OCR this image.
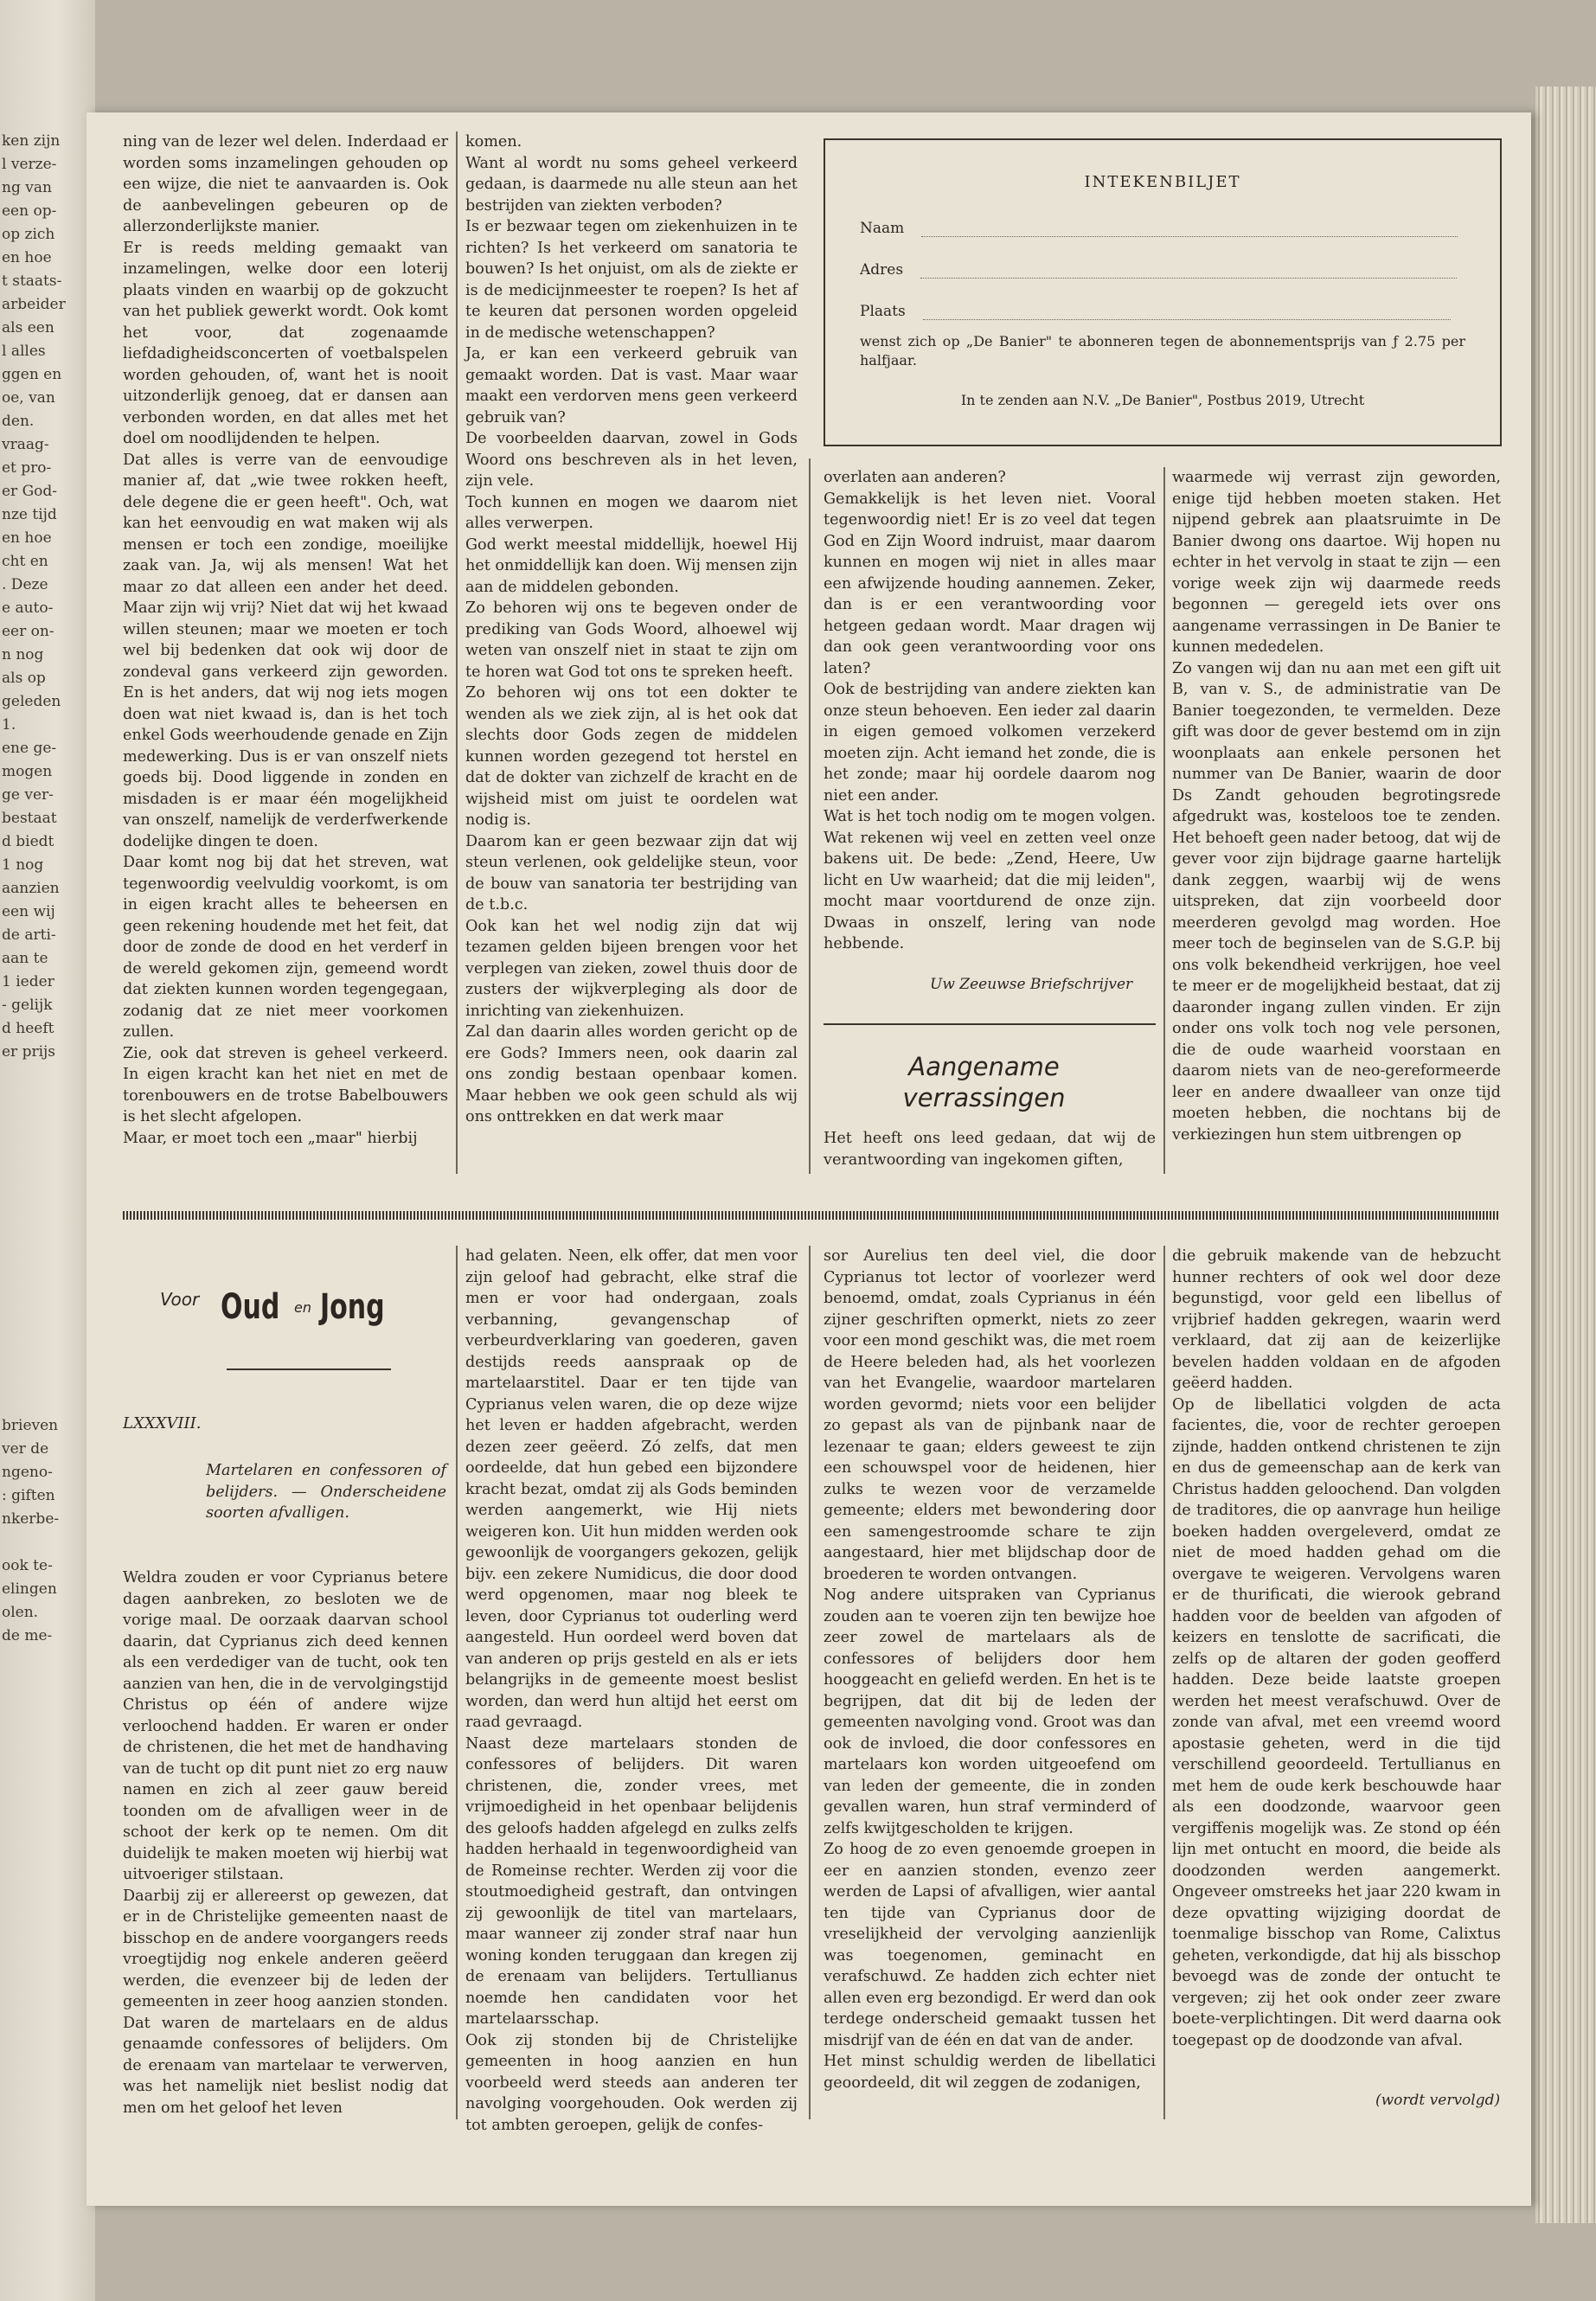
ken zijn
l verze-
ng van
een op-
op zich
en hoe
t staats-
arbeider
als een
l alles
ggen en
oe, van
den.
vraag-
et pro-
er God-
nze tijd
en hoe
cht en
. Deze
e auto-
eer on-
n nog
als op
geleden
1.
ene ge-
mogen
ge ver-
bestaat
d biedt
1 nog
aanzien
een wij
de arti-
aan te
1 ieder
- gelijk
d heeft
er prijs

brieven
ver de
ngeno-
: giften
nkerbe-

ook te-
elingen
olen.
de me-

ning van de lezer wel delen. Inderdaad er worden soms inzamelingen gehouden op een wijze, die niet te aanvaarden is. Ook de aanbevelingen gebeuren op de allerzonderlijkste manier.

Er is reeds melding gemaakt van inzamelingen, welke door een loterij plaats vinden en waarbij op de gokzucht van het publiek gewerkt wordt. Ook komt het voor, dat zogenaamde liefdadigheidsconcerten of voetbalspelen worden gehouden, of, want het is nooit uitzonderlijk genoeg, dat er dansen aan verbonden worden, en dat alles met het doel om noodlijdenden te helpen.

Dat alles is verre van de eenvoudige manier af, dat „wie twee rokken heeft, dele degene die er geen heeft". Och, wat kan het eenvoudig en wat maken wij als mensen er toch een zondige, moeilijke zaak van. Ja, wij als mensen! Wat het maar zo dat alleen een ander het deed. Maar zijn wij vrij? Niet dat wij het kwaad willen steunen; maar we moeten er toch wel bij bedenken dat ook wij door de zondeval gans verkeerd zijn geworden. En is het anders, dat wij nog iets mogen doen wat niet kwaad is, dan is het toch enkel Gods weerhoudende genade en Zijn medewerking. Dus is er van onszelf niets goeds bij. Dood liggende in zonden en misdaden is er maar één mogelijkheid van onszelf, namelijk de verderfwerkende dodelijke dingen te doen.

Daar komt nog bij dat het streven, wat tegenwoordig veelvuldig voorkomt, is om in eigen kracht alles te beheersen en geen rekening houdende met het feit, dat door de zonde de dood en het verderf in de wereld gekomen zijn, gemeend wordt dat ziekten kunnen worden tegengegaan, zodanig dat ze niet meer voorkomen zullen.

Zie, ook dat streven is geheel verkeerd. In eigen kracht kan het niet en met de torenbouwers en de trotse Babelbouwers is het slecht afgelopen.

Maar, er moet toch een „maar" hierbij

komen.

Want al wordt nu soms geheel verkeerd gedaan, is daarmede nu alle steun aan het bestrijden van ziekten verboden?

Is er bezwaar tegen om ziekenhuizen in te richten? Is het verkeerd om sanatoria te bouwen? Is het onjuist, om als de ziekte er is de medicijnmeester te roepen? Is het af te keuren dat personen worden opgeleid in de medische wetenschappen?

Ja, er kan een verkeerd gebruik van gemaakt worden. Dat is vast. Maar waar maakt een verdorven mens geen verkeerd gebruik van?

De voorbeelden daarvan, zowel in Gods Woord ons beschreven als in het leven, zijn vele.

Toch kunnen en mogen we daarom niet alles verwerpen.

God werkt meestal middellijk, hoewel Hij het onmiddellijk kan doen. Wij mensen zijn aan de middelen gebonden.

Zo behoren wij ons te begeven onder de prediking van Gods Woord, alhoewel wij weten van onszelf niet in staat te zijn om te horen wat God tot ons te spreken heeft.

Zo behoren wij ons tot een dokter te wenden als we ziek zijn, al is het ook dat slechts door Gods zegen de middelen kunnen worden gezegend tot herstel en dat de dokter van zichzelf de kracht en de wijsheid mist om juist te oordelen wat nodig is.

Daarom kan er geen bezwaar zijn dat wij steun verlenen, ook geldelijke steun, voor de bouw van sanatoria ter bestrijding van de t.b.c.

Ook kan het wel nodig zijn dat wij tezamen gelden bijeen brengen voor het verplegen van zieken, zowel thuis door de zusters der wijkverpleging als door de inrichting van ziekenhuizen.

Zal dan daarin alles worden gericht op de ere Gods? Immers neen, ook daarin zal ons zondig bestaan openbaar komen. Maar hebben we ook geen schuld als wij ons onttrekken en dat werk maar

INTEKENBILJET
Naam
Adres
Plaats
wenst zich op „De Banier" te abonneren tegen de abonnementsprijs van ƒ 2.75 per halfjaar.
In te zenden aan N.V. „De Banier", Postbus 2019, Utrecht

overlaten aan anderen?

Gemakkelijk is het leven niet. Vooral tegenwoordig niet! Er is zo veel dat tegen God en Zijn Woord indruist, maar daarom kunnen en mogen wij niet in alles maar een afwijzende houding aannemen. Zeker, dan is er een verantwoording voor hetgeen gedaan wordt. Maar dragen wij dan ook geen verantwoording voor ons laten?

Ook de bestrijding van andere ziekten kan onze steun behoeven. Een ieder zal daarin in eigen gemoed volkomen verzekerd moeten zijn. Acht iemand het zonde, die is het zonde; maar hij oordele daarom nog niet een ander.

Wat is het toch nodig om te mogen volgen. Wat rekenen wij veel en zetten veel onze bakens uit. De bede: „Zend, Heere, Uw licht en Uw waarheid; dat die mij leiden", mocht maar voortdurend de onze zijn. Dwaas in onszelf, lering van node hebbende.

Uw Zeeuwse Briefschrijver
Aangename verrassingen

Het heeft ons leed gedaan, dat wij de verantwoording van ingekomen giften,

waarmede wij verrast zijn geworden, enige tijd hebben moeten staken. Het nijpend gebrek aan plaatsruimte in De Banier dwong ons daartoe. Wij hopen nu echter in het vervolg in staat te zijn — een vorige week zijn wij daarmede reeds begonnen — geregeld iets over ons aangename verrassingen in De Banier te kunnen mededelen.

Zo vangen wij dan nu aan met een gift uit B, van v. S., de administratie van De Banier toegezonden, te vermelden. Deze gift was door de gever bestemd om in zijn woonplaats aan enkele personen het nummer van De Banier, waarin de door Ds Zandt gehouden begrotingsrede afgedrukt was, kosteloos toe te zenden. Het behoeft geen nader betoog, dat wij de gever voor zijn bijdrage gaarne hartelijk dank zeggen, waarbij wij de wens uitspreken, dat zijn voorbeeld door meerderen gevolgd mag worden. Hoe meer toch de beginselen van de S.G.P. bij ons volk bekendheid verkrijgen, hoe veel te meer er de mogelijkheid bestaat, dat zij daaronder ingang zullen vinden. Er zijn onder ons volk toch nog vele personen, die de oude waarheid voorstaan en daarom niets van de neo-gereformeerde leer en andere dwaalleer van onze tijd moeten hebben, die nochtans bij de verkiezingen hun stem uitbrengen op

Voor Oud en Jong
LXXXVIII.
Martelaren en confessoren of belijders. — Onderscheidene soorten afvalligen.

Weldra zouden er voor Cyprianus betere dagen aanbreken, zo besloten we de vorige maal. De oorzaak daarvan school daarin, dat Cyprianus zich deed kennen als een verdediger van de tucht, ook ten aanzien van hen, die in de vervolgingstijd Christus op één of andere wijze verloochend hadden. Er waren er onder de christenen, die het met de handhaving van de tucht op dit punt niet zo erg nauw namen en zich al zeer gauw bereid toonden om de afvalligen weer in de schoot der kerk op te nemen. Om dit duidelijk te maken moeten wij hierbij wat uitvoeriger stilstaan.

Daarbij zij er allereerst op gewezen, dat er in de Christelijke gemeenten naast de bisschop en de andere voorgangers reeds vroegtijdig nog enkele anderen geëerd werden, die evenzeer bij de leden der gemeenten in zeer hoog aanzien stonden. Dat waren de martelaars en de aldus genaamde confessores of belijders. Om de erenaam van martelaar te verwerven, was het namelijk niet beslist nodig dat men om het geloof het leven

had gelaten. Neen, elk offer, dat men voor zijn geloof had gebracht, elke straf die men er voor had ondergaan, zoals verbanning, gevangenschap of verbeurdverklaring van goederen, gaven destijds reeds aanspraak op de martelaarstitel. Daar er ten tijde van Cyprianus velen waren, die op deze wijze het leven er hadden afgebracht, werden dezen zeer geëerd. Zó zelfs, dat men oordeelde, dat hun gebed een bijzondere kracht bezat, omdat zij als Gods beminden werden aangemerkt, wie Hij niets weigeren kon. Uit hun midden werden ook gewoonlijk de voorgangers gekozen, gelijk bijv. een zekere Numidicus, die door dood werd opgenomen, maar nog bleek te leven, door Cyprianus tot ouderling werd aangesteld. Hun oordeel werd boven dat van anderen op prijs gesteld en als er iets belangrijks in de gemeente moest beslist worden, dan werd hun altijd het eerst om raad gevraagd.

Naast deze martelaars stonden de confessores of belijders. Dit waren christenen, die, zonder vrees, met vrijmoedigheid in het openbaar belijdenis des geloofs hadden afgelegd en zulks zelfs hadden herhaald in tegenwoordigheid van de Romeinse rechter. Werden zij voor die stoutmoedigheid gestraft, dan ontvingen zij gewoonlijk de titel van martelaars, maar wanneer zij zonder straf naar hun woning konden teruggaan dan kregen zij de erenaam van belijders. Tertullianus noemde hen candidaten voor het martelaarsschap.

Ook zij stonden bij de Christelijke gemeenten in hoog aanzien en hun voorbeeld werd steeds aan anderen ter navolging voorgehouden. Ook werden zij tot ambten geroepen, gelijk de confes-

sor Aurelius ten deel viel, die door Cyprianus tot lector of voorlezer werd benoemd, omdat, zoals Cyprianus in één zijner geschriften opmerkt, niets zo zeer voor een mond geschikt was, die met roem de Heere beleden had, als het voorlezen van het Evangelie, waardoor martelaren worden gevormd; niets voor een belijder zo gepast als van de pijnbank naar de lezenaar te gaan; elders geweest te zijn een schouwspel voor de heidenen, hier zulks te wezen voor de verzamelde gemeente; elders met bewondering door een samengestroomde schare te zijn aangestaard, hier met blijdschap door de broederen te worden ontvangen.

Nog andere uitspraken van Cyprianus zouden aan te voeren zijn ten bewijze hoe zeer zowel de martelaars als de confessores of belijders door hem hooggeacht en geliefd werden. En het is te begrijpen, dat dit bij de leden der gemeenten navolging vond. Groot was dan ook de invloed, die door confessores en martelaars kon worden uitgeoefend om van leden der gemeente, die in zonden gevallen waren, hun straf verminderd of zelfs kwijtgescholden te krijgen.

Zo hoog de zo even genoemde groepen in eer en aanzien stonden, evenzo zeer werden de Lapsi of afvalligen, wier aantal ten tijde van Cyprianus door de vreselijkheid der vervolging aanzienlijk was toegenomen, geminacht en verafschuwd. Ze hadden zich echter niet allen even erg bezondigd. Er werd dan ook terdege onderscheid gemaakt tussen het misdrijf van de één en dat van de ander.

Het minst schuldig werden de libellatici geoordeeld, dit wil zeggen de zodanigen,

die gebruik makende van de hebzucht hunner rechters of ook wel door deze begunstigd, voor geld een libellus of vrijbrief hadden gekregen, waarin werd verklaard, dat zij aan de keizerlijke bevelen hadden voldaan en de afgoden geëerd hadden.

Op de libellatici volgden de acta facientes, die, voor de rechter geroepen zijnde, hadden ontkend christenen te zijn en dus de gemeenschap aan de kerk van Christus hadden geloochend. Dan volgden de traditores, die op aanvrage hun heilige boeken hadden overgeleverd, omdat ze niet de moed hadden gehad om die overgave te weigeren. Vervolgens waren er de thurificati, die wierook gebrand hadden voor de beelden van afgoden of keizers en tenslotte de sacrificati, die zelfs op de altaren der goden geofferd hadden. Deze beide laatste groepen werden het meest verafschuwd. Over de zonde van afval, met een vreemd woord apostasie geheten, werd in die tijd verschillend geoordeeld. Tertullianus en met hem de oude kerk beschouwde haar als een doodzonde, waarvoor geen vergiffenis mogelijk was. Ze stond op één lijn met ontucht en moord, die beide als doodzonden werden aangemerkt. Ongeveer omstreeks het jaar 220 kwam in deze opvatting wijziging doordat de toenmalige bisschop van Rome, Calixtus geheten, verkondigde, dat hij als bisschop bevoegd was de zonde der ontucht te vergeven; zij het ook onder zeer zware boete-verplichtingen. Dit werd daarna ook toegepast op de doodzonde van afval.

(wordt vervolgd)
